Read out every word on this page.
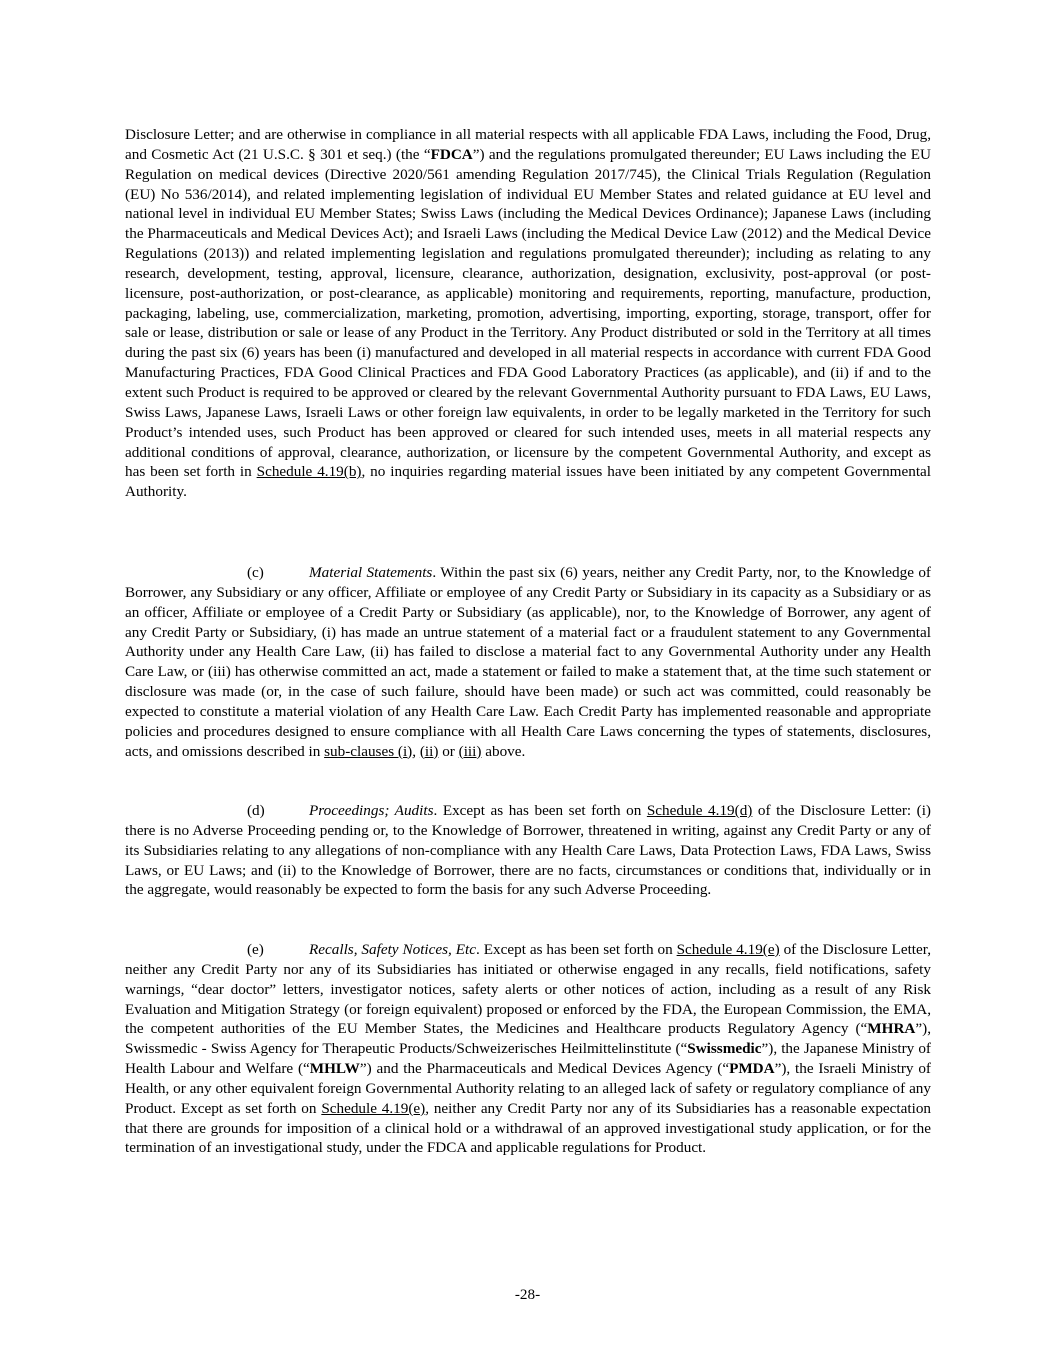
Disclosure Letter; and are otherwise in compliance in all material respects with all applicable FDA Laws, including the Food, Drug, and Cosmetic Act (21 U.S.C. § 301 et seq.) (the “FDCA”) and the regulations promulgated thereunder; EU Laws including the EU Regulation on medical devices (Directive 2020/561 amending Regulation 2017/745), the Clinical Trials Regulation (Regulation (EU) No 536/2014), and related implementing legislation of individual EU Member States and related guidance at EU level and national level in individual EU Member States; Swiss Laws (including the Medical Devices Ordinance); Japanese Laws (including the Pharmaceuticals and Medical Devices Act); and Israeli Laws (including the Medical Device Law (2012) and the Medical Device Regulations (2013)) and related implementing legislation and regulations promulgated thereunder); including as relating to any research, development, testing, approval, licensure, clearance, authorization, designation, exclusivity, post-approval (or post-licensure, post-authorization, or post-clearance, as applicable) monitoring and requirements, reporting, manufacture, production, packaging, labeling, use, commercialization, marketing, promotion, advertising, importing, exporting, storage, transport, offer for sale or lease, distribution or sale or lease of any Product in the Territory. Any Product distributed or sold in the Territory at all times during the past six (6) years has been (i) manufactured and developed in all material respects in accordance with current FDA Good Manufacturing Practices, FDA Good Clinical Practices and FDA Good Laboratory Practices (as applicable), and (ii) if and to the extent such Product is required to be approved or cleared by the relevant Governmental Authority pursuant to FDA Laws, EU Laws, Swiss Laws, Japanese Laws, Israeli Laws or other foreign law equivalents, in order to be legally marketed in the Territory for such Product’s intended uses, such Product has been approved or cleared for such intended uses, meets in all material respects any additional conditions of approval, clearance, authorization, or licensure by the competent Governmental Authority, and except as has been set forth in Schedule 4.19(b), no inquiries regarding material issues have been initiated by any competent Governmental Authority.

(c)	Material Statements. Within the past six (6) years, neither any Credit Party, nor, to the Knowledge of Borrower, any Subsidiary or any officer, Affiliate or employee of any Credit Party or Subsidiary in its capacity as a Subsidiary or as an officer, Affiliate or employee of a Credit Party or Subsidiary (as applicable), nor, to the Knowledge of Borrower, any agent of any Credit Party or Subsidiary, (i) has made an untrue statement of a material fact or a fraudulent statement to any Governmental Authority under any Health Care Law, (ii) has failed to disclose a material fact to any Governmental Authority under any Health Care Law, or (iii) has otherwise committed an act, made a statement or failed to make a statement that, at the time such statement or disclosure was made (or, in the case of such failure, should have been made) or such act was committed, could reasonably be expected to constitute a material violation of any Health Care Law. Each Credit Party has implemented reasonable and appropriate policies and procedures designed to ensure compliance with all Health Care Laws concerning the types of statements, disclosures, acts, and omissions described in sub-clauses (i), (ii) or (iii) above.

(d)	Proceedings; Audits. Except as has been set forth on Schedule 4.19(d) of the Disclosure Letter: (i) there is no Adverse Proceeding pending or, to the Knowledge of Borrower, threatened in writing, against any Credit Party or any of its Subsidiaries relating to any allegations of non-compliance with any Health Care Laws, Data Protection Laws, FDA Laws, Swiss Laws, or EU Laws; and (ii) to the Knowledge of Borrower, there are no facts, circumstances or conditions that, individually or in the aggregate, would reasonably be expected to form the basis for any such Adverse Proceeding.

(e)	Recalls, Safety Notices, Etc. Except as has been set forth on Schedule 4.19(e) of the Disclosure Letter, neither any Credit Party nor any of its Subsidiaries has initiated or otherwise engaged in any recalls, field notifications, safety warnings, “dear doctor” letters, investigator notices, safety alerts or other notices of action, including as a result of any Risk Evaluation and Mitigation Strategy (or foreign equivalent) proposed or enforced by the FDA, the European Commission, the EMA, the competent authorities of the EU Member States, the Medicines and Healthcare products Regulatory Agency (“MHRA”), Swissmedic - Swiss Agency for Therapeutic Products/Schweizerisches Heilmittelinstitute (“Swissmedic”), the Japanese Ministry of Health Labour and Welfare (“MHLW”) and the Pharmaceuticals and Medical Devices Agency (“PMDA”), the Israeli Ministry of Health, or any other equivalent foreign Governmental Authority relating to an alleged lack of safety or regulatory compliance of any Product. Except as set forth on Schedule 4.19(e), neither any Credit Party nor any of its Subsidiaries has a reasonable expectation that there are grounds for imposition of a clinical hold or a withdrawal of an approved investigational study application, or for the termination of an investigational study, under the FDCA and applicable regulations for Product.

-28-
